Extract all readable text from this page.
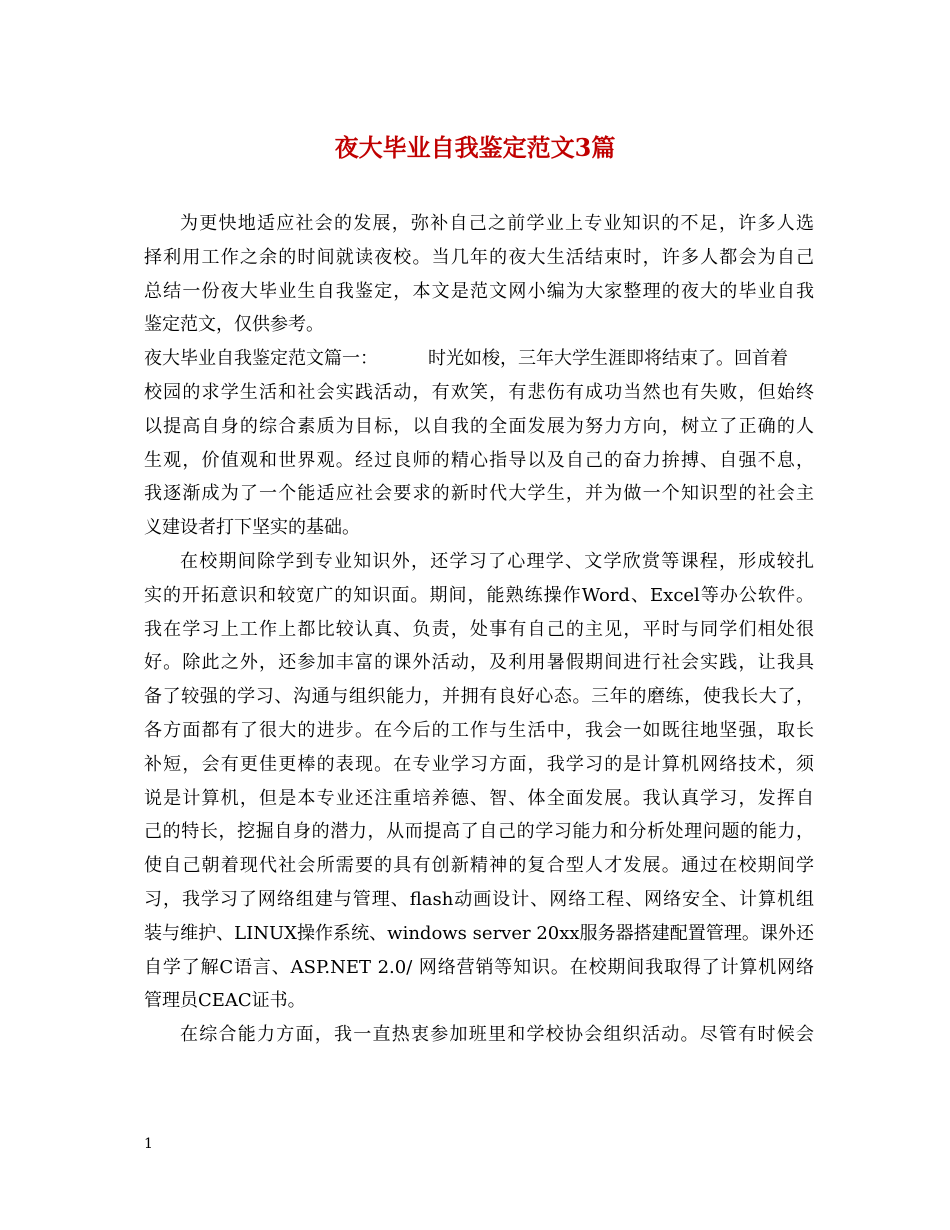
夜大毕业自我鉴定范文3篇
为更快地适应社会的发展，弥补自己之前学业上专业知识的不足，许多人选
择利用工作之余的时间就读夜校。当几年的夜大生活结束时，许多人都会为自己
总结一份夜大毕业生自我鉴定，本文是范文网小编为大家整理的夜大的毕业自我
鉴定范文，仅供参考。
夜大毕业自我鉴定范文篇一：	时光如梭，三年大学生涯即将结束了。回首着
校园的求学生活和社会实践活动，有欢笑，有悲伤有成功当然也有失败，但始终
以提高自身的综合素质为目标，以自我的全面发展为努力方向，树立了正确的人
生观，价值观和世界观。经过良师的精心指导以及自己的奋力拚搏、自强不息，
我逐渐成为了一个能适应社会要求的新时代大学生，并为做一个知识型的社会主
义建设者打下坚实的基础。
在校期间除学到专业知识外，还学习了心理学、文学欣赏等课程，形成较扎
实的开拓意识和较宽广的知识面。期间，能熟练操作Word、Excel等办公软件。
我在学习上工作上都比较认真、负责，处事有自己的主见，平时与同学们相处很
好。除此之外，还参加丰富的课外活动，及利用暑假期间进行社会实践，让我具
备了较强的学习、沟通与组织能力，并拥有良好心态。三年的磨练，使我长大了，
各方面都有了很大的进步。在今后的工作与生活中，我会一如既往地坚强，取长
补短，会有更佳更棒的表现。在专业学习方面，我学习的是计算机网络技术，须
说是计算机，但是本专业还注重培养德、智、体全面发展。我认真学习，发挥自
己的特长，挖掘自身的潜力，从而提高了自己的学习能力和分析处理问题的能力，
使自己朝着现代社会所需要的具有创新精神的复合型人才发展。通过在校期间学
习，我学习了网络组建与管理、flash动画设计、网络工程、网络安全、计算机组
装与维护、LINUX操作系统、windows server 20xx服务器搭建配置管理。课外还
自学了解C语言、ASP.NET 2.0/ 网络营销等知识。在校期间我取得了计算机网络
管理员CEAC证书。
在综合能力方面，我一直热衷参加班里和学校协会组织活动。尽管有时候会
1
